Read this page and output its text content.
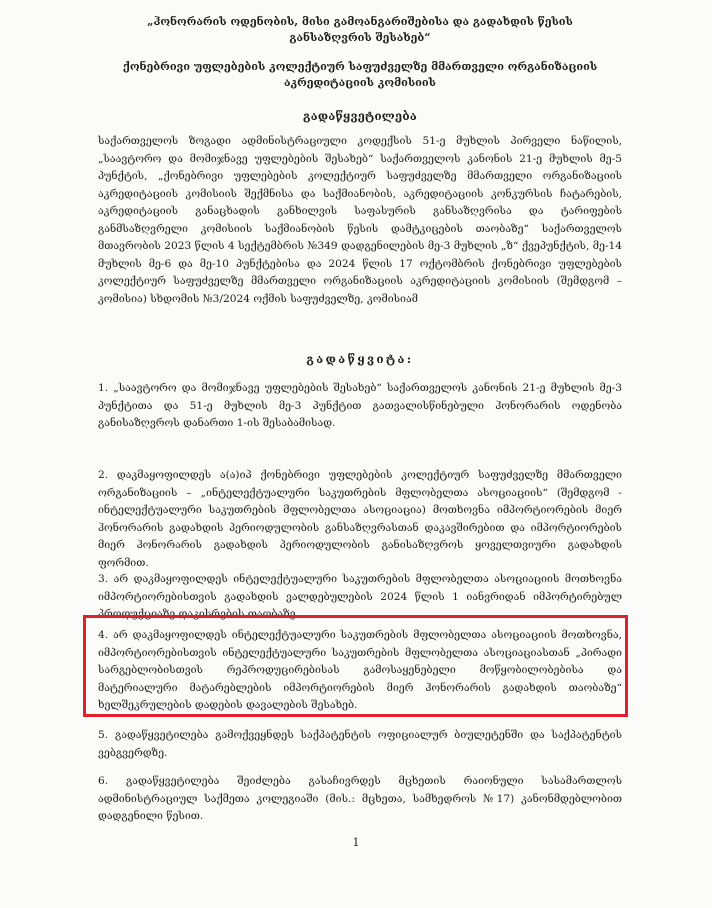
„ჰონორარის ოდენობის, მისი გამოანგარიშებისა და გადახდის წესის განსაზღვრის შესახებ“
ქონებრივი უფლებების კოლექტიურ საფუძველზე მმართველი ორგანიზაციის აკრედიტაციის კომისიის
გადაწყვეტილება
საქართველოს ზოგადი ადმინისტრაციული კოდექსის 51-ე მუხლის პირველი ნაწილის, „საავტორო და მომიჯნავე უფლებების შესახებ“ საქართველოს კანონის 21-ე მუხლის მე-5 პუნქტის, „ქონებრივი უფლებების კოლექტიურ საფუძველზე მმართველი ორგანიზაციის აკრედიტაციის კომისიის შექმნისა და საქმიანობის, აკრედიტაციის კონკურსის ჩატარების, აკრედიტაციის განაცხადის განხილვის საფასურის განსაზღვრისა და ტარიფების განმსაზღვრელი კომისიის საქმიანობის წესის დამტკიცების თაობაზე“ საქართველოს მთავრობის 2023 წლის 4 სექტემბრის №349 დადგენილების მე-3 მუხლის „ზ“ ქვეპუნქტის, მე-14 მუხლის მე-6 და მე-10 პუნქტებისა და 2024 წლის 17 ოქტომბრის ქონებრივი უფლებების კოლექტიურ საფუძველზე მმართველი ორგანიზაციის აკრედიტაციის კომისიის (შემდგომ – კომისია) სხდომის №3/2024 ოქმის საფუძველზე, კომისიამ
გადაწყვიტა:
1. „საავტორო და მომიჯნავე უფლებების შესახებ“ საქართველოს კანონის 21-ე მუხლის მე-3 პუნქტითა და 51-ე მუხლის მე-3 პუნქტით გათვალისწინებული ჰონორარის ოდენობა განისაზღვროს დანართი 1-ის შესაბამისად.
2. დაკმაყოფილდეს ა(ა)იპ ქონებრივი უფლებების კოლექტიურ საფუძველზე მმართველი ორგანიზაციის – „ინტელექტუალური საკუთრების მფლობელთა ასოციაციის“ (შემდგომ - ინტელექტუალური საკუთრების მფლობელთა ასოციაცია) მოთხოვნა იმპორტიორების მიერ ჰონორარის გადახდის პერიოდულობის განსაზღვრასთან დაკავშირებით და იმპორტიორების მიერ ჰონორარის გადახდის პერიოდულობის განისაზღვროს ყოველთვიური გადახდის ფორმით.
3. არ დაკმაყოფილდეს ინტელექტუალური საკუთრების მფლობელთა ასოციაციის მოთხოვნა იმპორტიორებისთვის გადახდის ვალდებულების 2024 წლის 1 იანვრიდან იმპორტირებულ პროდუქციაზე დაკისრების თაობაზე.
4. არ დაკმაყოფილდეს ინტელექტუალური საკუთრების მფლობელთა ასოციაციის მოთხოვნა, იმპორტიორებისთვის ინტელექტუალური საკუთრების მფლობელთა ასოციაციასთან „პირადი სარგებლობისთვის რეპროდუცირებისას გამოსაყენებელი მოწყობილობებისა და მატერიალური მატარებლების იმპორტიორების მიერ ჰონორარის გადახდის თაობაზე“ ხელშეკრულების დადების დავალების შესახებ.
5. გადაწყვეტილება გამოქვეყნდეს საქპატენტის ოფიციალურ ბიულეტენში და საქპატენტის ვებგვერდზე.
6. გადაწყვეტილება შეიძლება გასაჩივრდეს მცხეთის რაიონული სასამართლოს ადმინისტრაციულ საქმეთა კოლეგიაში (მის.: მცხეთა, სამხედროს №17) კანონმდებლობით დადგენილი წესით.
1
